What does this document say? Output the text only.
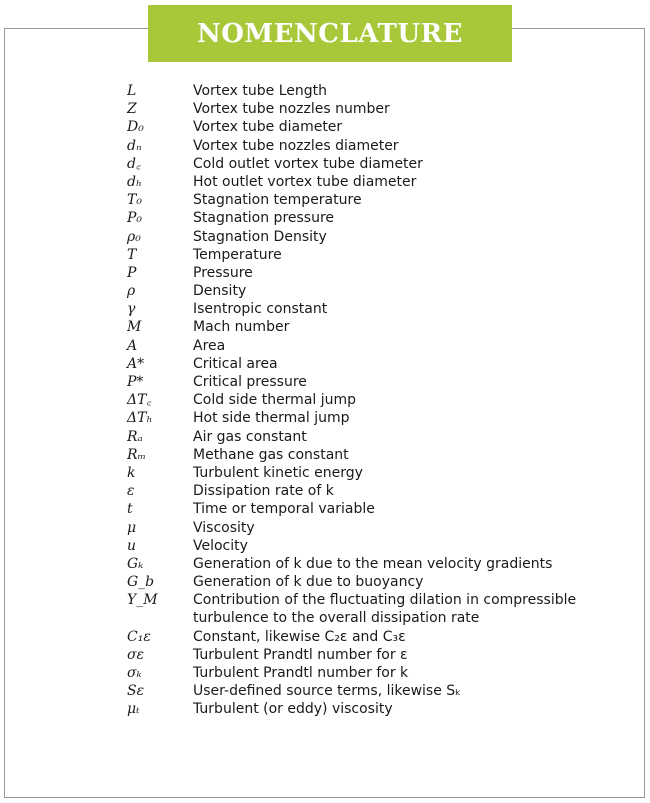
NOMENCLATURE
L	Vortex tube Length
Z	Vortex tube nozzles number
D₀	Vortex tube diameter
dₙ	Vortex tube nozzles diameter
d꜀	Cold outlet vortex tube diameter
dₕ	Hot outlet vortex tube diameter
T₀	Stagnation temperature
P₀	Stagnation pressure
ρ₀	Stagnation Density
T	Temperature
P	Pressure
ρ	Density
γ	Isentropic constant
M	Mach number
A	Area
A*	Critical area
P*	Critical pressure
ΔT꜀	Cold side thermal jump
ΔTₕ	Hot side thermal jump
Rₐ	Air gas constant
Rₘ	Methane gas constant
k	Turbulent kinetic energy
ε	Dissipation rate of k
t	Time or temporal variable
μ	Viscosity
u	Velocity
Gₖ	Generation of k due to the mean velocity gradients
G_b	Generation of k due to buoyancy
Y_M	Contribution of the fluctuating dilation in compressible
turbulence to the overall dissipation rate
C₁ε	Constant, likewise C₂ε and C₃ε
σε	Turbulent Prandtl number for ε
σₖ	Turbulent Prandtl number for k
Sε	User-defined source terms, likewise Sₖ
μₜ	Turbulent (or eddy) viscosity
